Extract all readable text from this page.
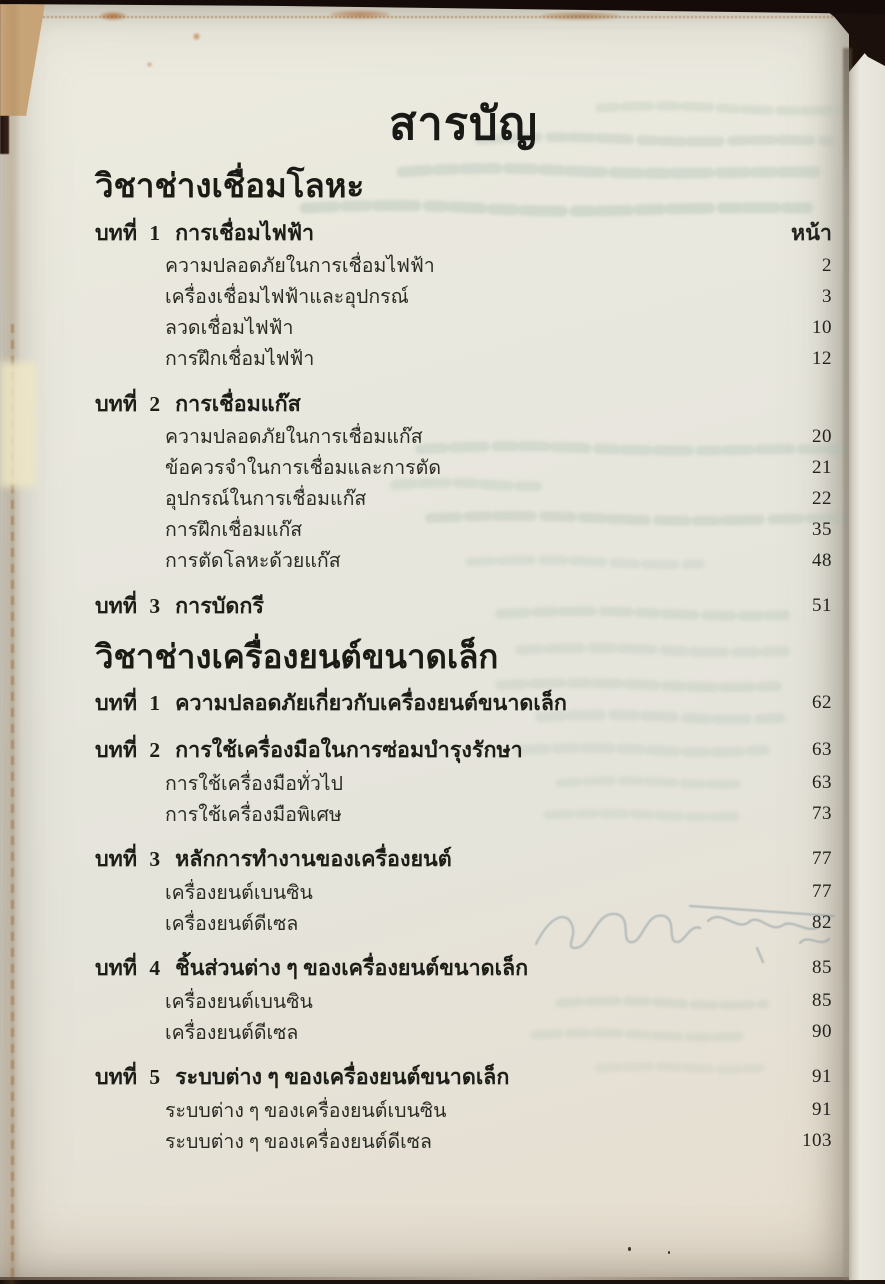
สารบัญ
วิชาช่างเชื่อมโลหะ
บทที่ 1 การเชื่อมไฟฟ้า	หน้า
ความปลอดภัยในการเชื่อมไฟฟ้า	2
เครื่องเชื่อมไฟฟ้าและอุปกรณ์	3
ลวดเชื่อมไฟฟ้า	10
การฝึกเชื่อมไฟฟ้า	12
บทที่ 2 การเชื่อมแก๊ส
ความปลอดภัยในการเชื่อมแก๊ส	20
ข้อควรจำในการเชื่อมและการตัด	21
อุปกรณ์ในการเชื่อมแก๊ส	22
การฝึกเชื่อมแก๊ส	35
การตัดโลหะด้วยแก๊ส	48
บทที่ 3 การบัดกรี	51
วิชาช่างเครื่องยนต์ขนาดเล็ก
บทที่ 1 ความปลอดภัยเกี่ยวกับเครื่องยนต์ขนาดเล็ก	62
บทที่ 2 การใช้เครื่องมือในการซ่อมบำรุงรักษา	63
การใช้เครื่องมือทั่วไป	63
การใช้เครื่องมือพิเศษ	73
บทที่ 3 หลักการทำงานของเครื่องยนต์	77
เครื่องยนต์เบนซิน	77
เครื่องยนต์ดีเซล	82
บทที่ 4 ชิ้นส่วนต่าง ๆ ของเครื่องยนต์ขนาดเล็ก	85
เครื่องยนต์เบนซิน	85
เครื่องยนต์ดีเซล	90
บทที่ 5 ระบบต่าง ๆ ของเครื่องยนต์ขนาดเล็ก	91
ระบบต่าง ๆ ของเครื่องยนต์เบนซิน	91
ระบบต่าง ๆ ของเครื่องยนต์ดีเซล	103
